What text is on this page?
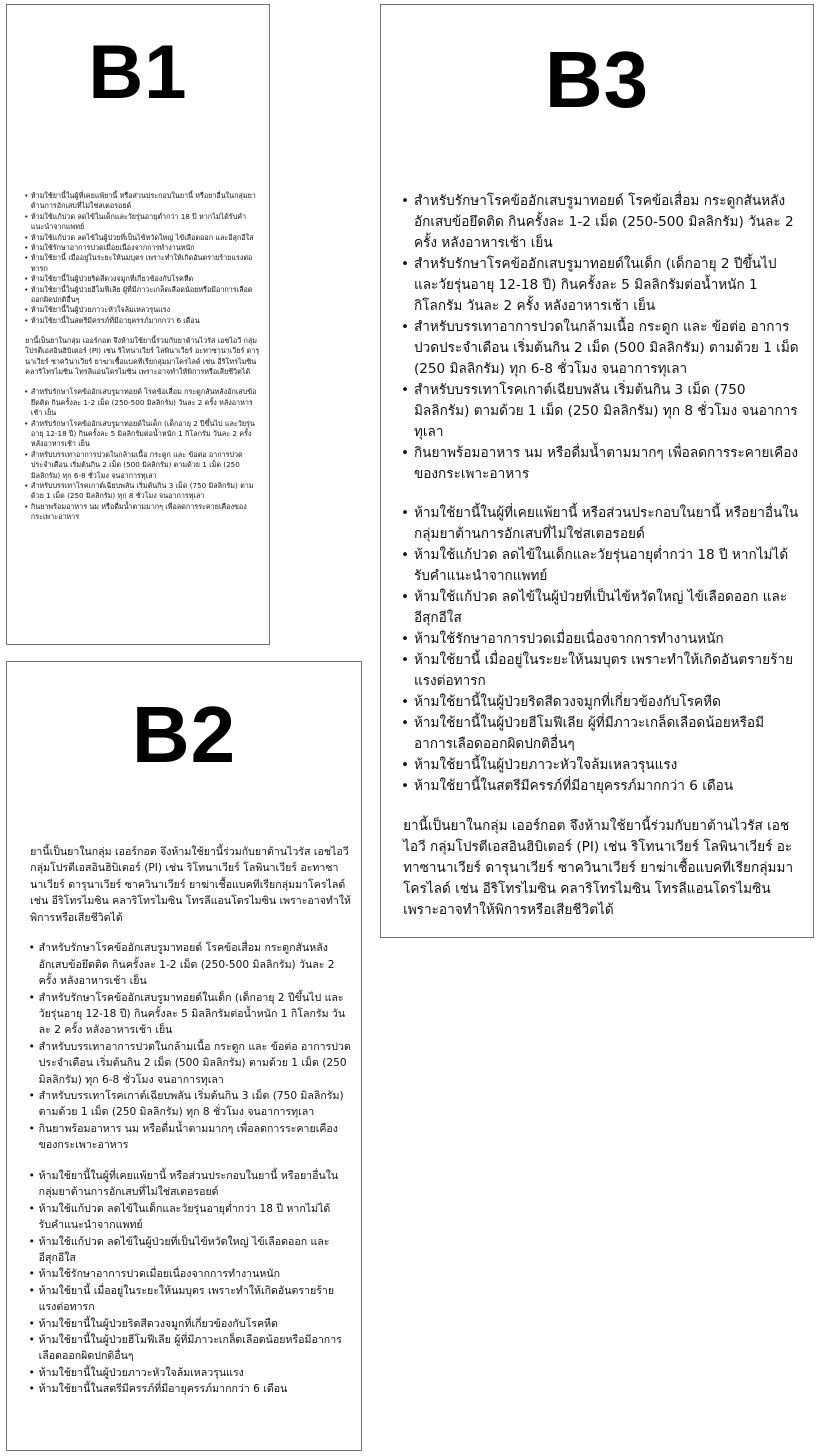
B1
• ห้ามใช้ยานี้ในผู้ที่เคยแพ้ยานี้ หรือส่วนประกอบในยานี้ หรือยาอื่นในกลุ่มยาต้านการอักเสบที่ไม่ใช่สเตอรอยด์
• ห้ามใช้แก้ปวด ลดไข้ในเด็กและวัยรุ่นอายุต่ำกว่า 18 ปี หากไม่ได้รับคำแนะนำจากแพทย์
• ห้ามใช้แก้ปวด ลดไข้ในผู้ป่วยที่เป็นไข้หวัดใหญ่ ไข้เลือดออก และอีสุกอีใส
• ห้ามใช้รักษาอาการปวดเมื่อยเนื่องจากการทำงานหนัก
• ห้ามใช้ยานี้ เมื่ออยู่ในระยะให้นมบุตร เพราะทำให้เกิดอันตรายร้ายแรงต่อทารก
• ห้ามใช้ยานี้ในผู้ป่วยริดสีดวงจมูกที่เกี่ยวข้องกับโรคหืด
• ห้ามใช้ยานี้ในผู้ป่วยฮีโมฟีเลีย ผู้ที่มีภาวะเกล็ดเลือดน้อยหรือมีอาการเลือดออกผิดปกติอื่นๆ
• ห้ามใช้ยานี้ในผู้ป่วยภาวะหัวใจล้มเหลวรุนแรง
• ห้ามใช้ยานี้ในสตรีมีครรภ์ที่มีอายุครรภ์มากกว่า 6 เดือน

ยานี้เป็นยาในกลุ่ม เออร์กอต จึงห้ามใช้ยานี้ร่วมกับยาต้านไวรัส เอชไอวี กลุ่มโปรตีเอสอินฮิบิเตอร์ (PI) เช่น ริโทนาเวียร์ โลพินาเวียร์ อะทาซานาเวียร์ ดารุนาเวียร์ ซาควินาเวียร์ ยาฆ่าเชื้อแบคทีเรียกลุ่มมาโครไลด์ เช่น อีริโทรไมซิน คลาริโทรไมซิน โทรลีแอนโดรไมซิน เพราะอาจทำให้พิการหรือเสียชีวิตได้

• สำหรับรักษาโรคข้ออักเสบรูมาทอยด์ โรคข้อเสื่อม กระดูกสันหลังอักเสบข้อยึดติด กินครั้งละ 1-2 เม็ด (250-500 มิลลิกรัม) วันละ 2 ครั้ง หลังอาหารเช้า เย็น
• สำหรับรักษาโรคข้ออักเสบรูมาทอยด์ในเด็ก (เด็กอายุ 2 ปีขึ้นไป และวัยรุ่นอายุ 12-18 ปี) กินครั้งละ 5 มิลลิกรัมต่อน้ำหนัก 1 กิโลกรัม วันละ 2 ครั้ง หลังอาหารเช้า เย็น
• สำหรับบรรเทาอาการปวดในกล้ามเนื้อ กระดูก และ ข้อต่อ อาการปวดประจำเดือน เริ่มต้นกิน 2 เม็ด (500 มิลลิกรัม) ตามด้วย 1 เม็ด (250 มิลลิกรัม) ทุก 6-8 ชั่วโมง จนอาการทุเลา
• สำหรับบรรเทาโรคเกาต์เฉียบพลัน เริ่มต้นกิน 3 เม็ด (750 มิลลิกรัม) ตามด้วย 1 เม็ด (250 มิลลิกรัม) ทุก 8 ชั่วโมง จนอาการทุเลา
• กินยาพร้อมอาหาร นม หรือดื่มน้ำตามมากๆ เพื่อลดการระคายเคืองของกระเพาะอาหาร
B2

ยานี้เป็นยาในกลุ่ม เออร์กอต จึงห้ามใช้ยานี้ร่วมกับยาต้านไวรัส เอชไอวี กลุ่มโปรตีเอสอินฮิบิเตอร์ (PI) เช่น ริโทนาเวียร์ โลพินาเวียร์ อะทาซานาเวียร์ ดารุนาเวียร์ ซาควินาเวียร์ ยาฆ่าเชื้อแบคทีเรียกลุ่มมาโครไลด์ เช่น อีริโทรไมซิน คลาริโทรไมซิน โทรลีแอนโดรไมซิน เพราะอาจทำให้พิการหรือเสียชีวิตได้

• สำหรับรักษาโรคข้ออักเสบรูมาทอยด์ โรคข้อเสื่อม กระดูกสันหลังอักเสบข้อยึดติด กินครั้งละ 1-2 เม็ด (250-500 มิลลิกรัม) วันละ 2 ครั้ง หลังอาหารเช้า เย็น
• สำหรับรักษาโรคข้ออักเสบรูมาทอยด์ในเด็ก (เด็กอายุ 2 ปีขึ้นไป และวัยรุ่นอายุ 12-18 ปี) กินครั้งละ 5 มิลลิกรัมต่อน้ำหนัก 1 กิโลกรัม วันละ 2 ครั้ง หลังอาหารเช้า เย็น
• สำหรับบรรเทาอาการปวดในกล้ามเนื้อ กระดูก และ ข้อต่อ อาการปวดประจำเดือน เริ่มต้นกิน 2 เม็ด (500 มิลลิกรัม) ตามด้วย 1 เม็ด (250 มิลลิกรัม) ทุก 6-8 ชั่วโมง จนอาการทุเลา
• สำหรับบรรเทาโรคเกาต์เฉียบพลัน เริ่มต้นกิน 3 เม็ด (750 มิลลิกรัม) ตามด้วย 1 เม็ด (250 มิลลิกรัม) ทุก 8 ชั่วโมง จนอาการทุเลา
• กินยาพร้อมอาหาร นม หรือดื่มน้ำตามมากๆ เพื่อลดการระคายเคืองของกระเพาะอาหาร
• ห้ามใช้ยานี้ในผู้ที่เคยแพ้ยานี้ หรือส่วนประกอบในยานี้ หรือยาอื่นในกลุ่มยาต้านการอักเสบที่ไม่ใช่สเตอรอยด์
• ห้ามใช้แก้ปวด ลดไข้ในเด็กและวัยรุ่นอายุต่ำกว่า 18 ปี หากไม่ได้รับคำแนะนำจากแพทย์
• ห้ามใช้แก้ปวด ลดไข้ในผู้ป่วยที่เป็นไข้หวัดใหญ่ ไข้เลือดออก และอีสุกอีใส
• ห้ามใช้รักษาอาการปวดเมื่อยเนื่องจากการทำงานหนัก
• ห้ามใช้ยานี้ เมื่ออยู่ในระยะให้นมบุตร เพราะทำให้เกิดอันตรายร้ายแรงต่อทารก
• ห้ามใช้ยานี้ในผู้ป่วยริดสีดวงจมูกที่เกี่ยวข้องกับโรคหืด
• ห้ามใช้ยานี้ในผู้ป่วยฮีโมฟีเลีย ผู้ที่มีภาวะเกล็ดเลือดน้อยหรือมีอาการเลือดออกผิดปกติอื่นๆ
• ห้ามใช้ยานี้ในผู้ป่วยภาวะหัวใจล้มเหลวรุนแรง
• ห้ามใช้ยานี้ในสตรีมีครรภ์ที่มีอายุครรภ์มากกว่า 6 เดือน
B3
• สำหรับรักษาโรคข้ออักเสบรูมาทอยด์ โรคข้อเสื่อม กระดูกสันหลังอักเสบข้อยึดติด กินครั้งละ 1-2 เม็ด (250-500 มิลลิกรัม) วันละ 2 ครั้ง หลังอาหารเช้า เย็น
• สำหรับรักษาโรคข้ออักเสบรูมาทอยด์ในเด็ก (เด็กอายุ 2 ปีขึ้นไป และวัยรุ่นอายุ 12-18 ปี) กินครั้งละ 5 มิลลิกรัมต่อน้ำหนัก 1 กิโลกรัม วันละ 2 ครั้ง หลังอาหารเช้า เย็น
• สำหรับบรรเทาอาการปวดในกล้ามเนื้อ กระดูก และ ข้อต่อ อาการปวดประจำเดือน เริ่มต้นกิน 2 เม็ด (500 มิลลิกรัม) ตามด้วย 1 เม็ด (250 มิลลิกรัม) ทุก 6-8 ชั่วโมง จนอาการทุเลา
• สำหรับบรรเทาโรคเกาต์เฉียบพลัน เริ่มต้นกิน 3 เม็ด (750 มิลลิกรัม) ตามด้วย 1 เม็ด (250 มิลลิกรัม) ทุก 8 ชั่วโมง จนอาการทุเลา
• กินยาพร้อมอาหาร นม หรือดื่มน้ำตามมากๆ เพื่อลดการระคายเคืองของกระเพาะอาหาร
• ห้ามใช้ยานี้ในผู้ที่เคยแพ้ยานี้ หรือส่วนประกอบในยานี้ หรือยาอื่นในกลุ่มยาต้านการอักเสบที่ไม่ใช่สเตอรอยด์
• ห้ามใช้แก้ปวด ลดไข้ในเด็กและวัยรุ่นอายุต่ำกว่า 18 ปี หากไม่ได้รับคำแนะนำจากแพทย์
• ห้ามใช้แก้ปวด ลดไข้ในผู้ป่วยที่เป็นไข้หวัดใหญ่ ไข้เลือดออก และอีสุกอีใส
• ห้ามใช้รักษาอาการปวดเมื่อยเนื่องจากการทำงานหนัก
• ห้ามใช้ยานี้ เมื่ออยู่ในระยะให้นมบุตร เพราะทำให้เกิดอันตรายร้ายแรงต่อทารก
• ห้ามใช้ยานี้ในผู้ป่วยริดสีดวงจมูกที่เกี่ยวข้องกับโรคหืด
• ห้ามใช้ยานี้ในผู้ป่วยฮีโมฟีเลีย ผู้ที่มีภาวะเกล็ดเลือดน้อยหรือมีอาการเลือดออกผิดปกติอื่นๆ
• ห้ามใช้ยานี้ในผู้ป่วยภาวะหัวใจล้มเหลวรุนแรง
• ห้ามใช้ยานี้ในสตรีมีครรภ์ที่มีอายุครรภ์มากกว่า 6 เดือน

ยานี้เป็นยาในกลุ่ม เออร์กอต จึงห้ามใช้ยานี้ร่วมกับยาต้านไวรัส เอชไอวี กลุ่มโปรตีเอสอินฮิบิเตอร์ (PI) เช่น ริโทนาเวียร์ โลพินาเวียร์ อะทาซานาเวียร์ ดารุนาเวียร์ ซาควินาเวียร์ ยาฆ่าเชื้อแบคทีเรียกลุ่มมาโครไลด์ เช่น อีริโทรไมซิน คลาริโทรไมซิน โทรลีแอนโดรไมซิน เพราะอาจทำให้พิการหรือเสียชีวิตได้
